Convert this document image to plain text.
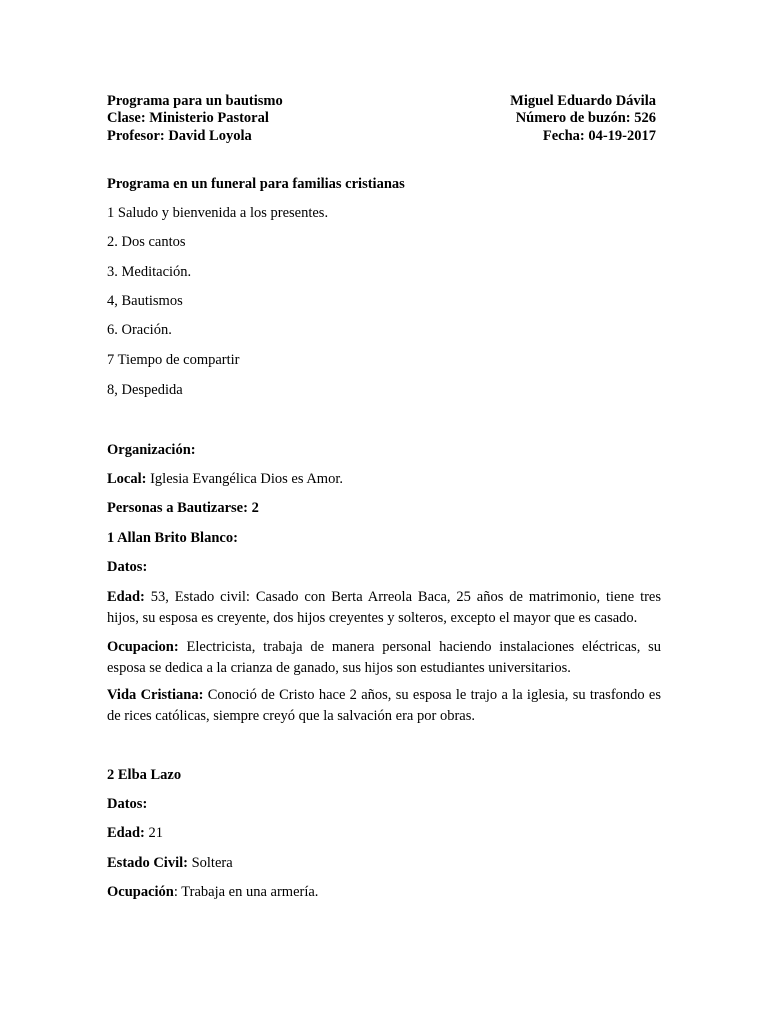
Programa para un bautismo
Clase: Ministerio Pastoral
Profesor: David Loyola
Miguel Eduardo Dávila
Número de buzón: 526
Fecha: 04-19-2017
Programa en un funeral para familias cristianas
1 Saludo y bienvenida a los presentes.
2. Dos cantos
3. Meditación.
4, Bautismos
6. Oración.
7 Tiempo de compartir
8, Despedida
Organización:
Local: Iglesia Evangélica Dios es Amor.
Personas a Bautizarse: 2
1 Allan Brito Blanco:
Datos:
Edad: 53, Estado civil: Casado con Berta Arreola Baca, 25 años de matrimonio, tiene tres hijos, su esposa es creyente, dos hijos creyentes y solteros, excepto el mayor que es casado.
Ocupacion: Electricista, trabaja de manera personal haciendo instalaciones eléctricas, su esposa se dedica a la crianza de ganado, sus hijos son estudiantes universitarios.
Vida Cristiana: Conoció de Cristo hace 2 años, su esposa le trajo a la iglesia, su trasfondo es de rices católicas, siempre creyó que la salvación era por obras.
2 Elba Lazo
Datos:
Edad: 21
Estado Civil: Soltera
Ocupación: Trabaja en una armería.
